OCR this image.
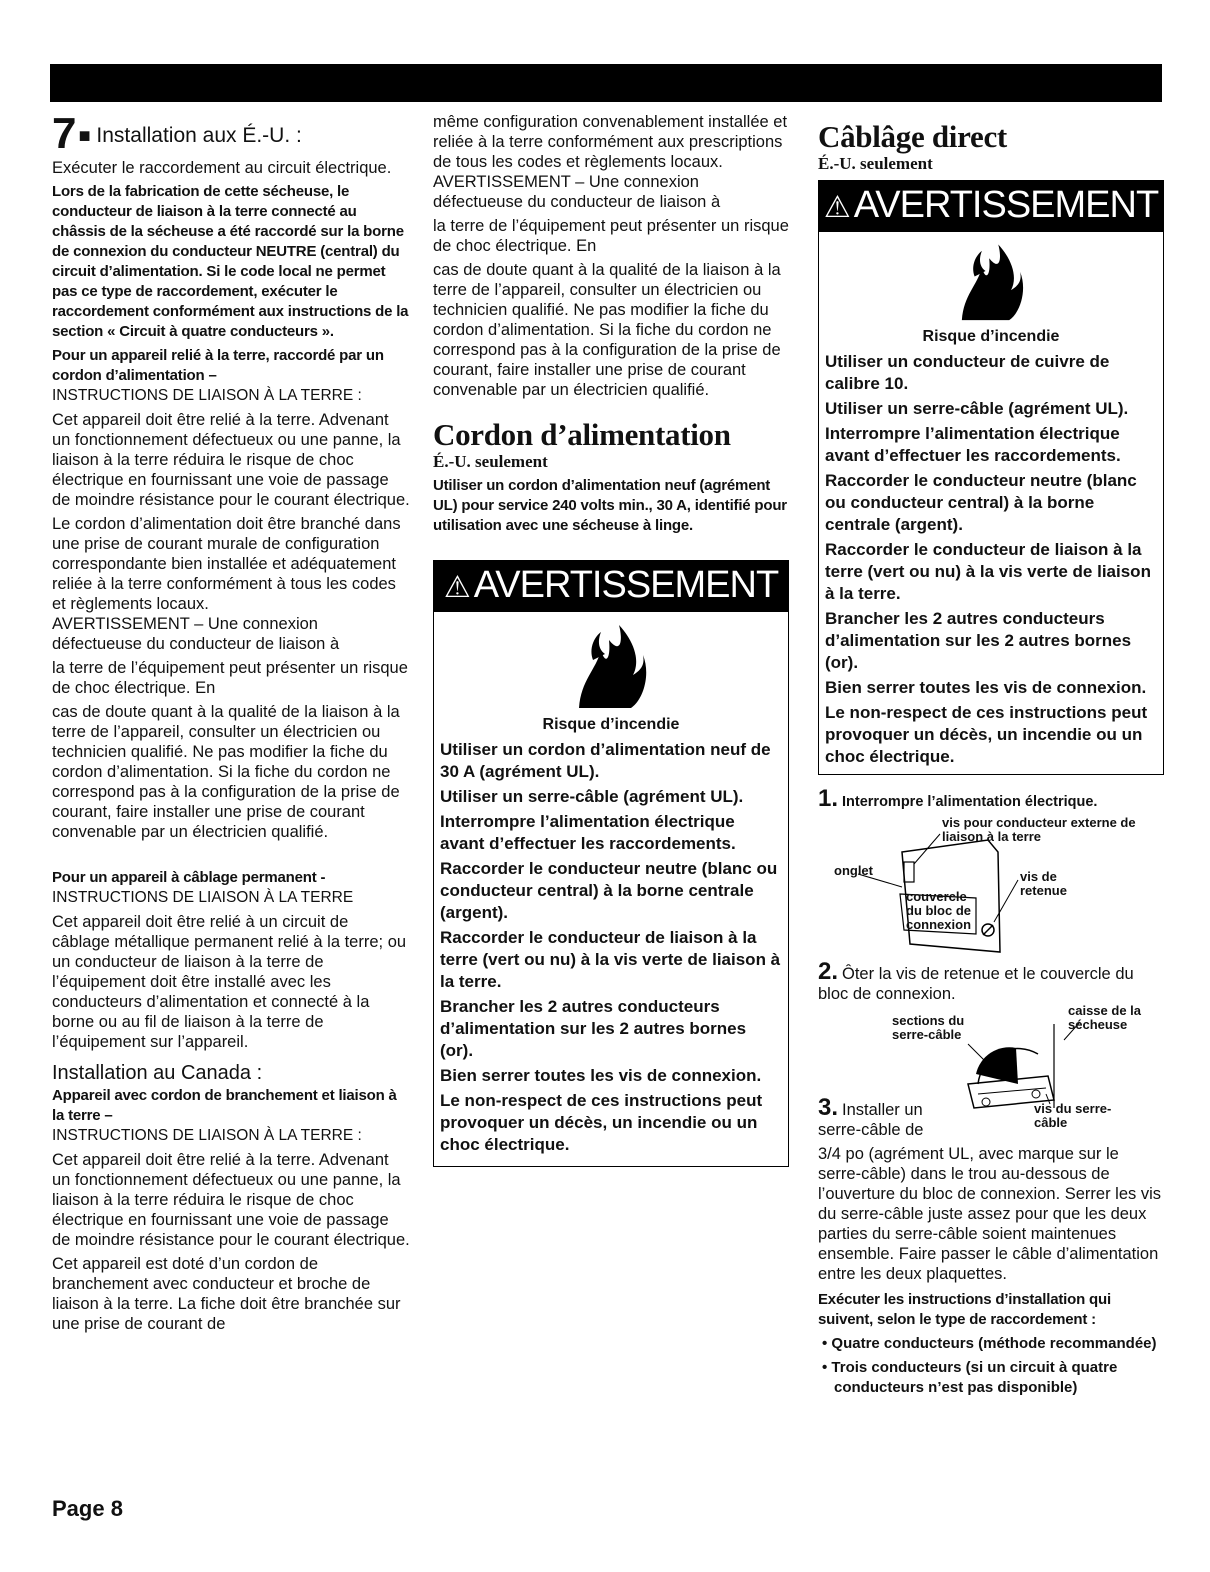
7 ■ Installation aux É.-U. :

Exécuter le raccordement au circuit électrique.

Lors de la fabrication de cette sécheuse, le conducteur de liaison à la terre connecté au châssis de la sécheuse a été raccordé sur la borne de connexion du conducteur NEUTRE (central) du circuit d’alimentation. Si le code local ne permet pas ce type de raccordement, exécuter le raccordement conformément aux instructions de la section « Circuit à quatre conducteurs ».

Pour un appareil relié à la terre, raccordé par un cordon d’alimentation –

INSTRUCTIONS DE LIAISON À LA TERRE :

Cet appareil doit être relié à la terre. Advenant un fonctionnement défectueux ou une panne, la liaison à la terre réduira le risque de choc électrique en fournissant une voie de passage de moindre résistance pour le courant électrique.

Le cordon d’alimentation doit être branché dans une prise de courant murale de configuration correspondante bien installée et adéquatement reliée à la terre conformément à tous les codes et règlements locaux.

AVERTISSEMENT – Une connexion défectueuse du conducteur de liaison à

la terre de l’équipement peut présenter un risque de choc électrique. En

cas de doute quant à la qualité de la liaison à la terre de l’appareil, consulter un électricien ou technicien qualifié. Ne pas modifier la fiche du cordon d’alimentation. Si la fiche du cordon ne correspond pas à la configuration de la prise de courant, faire installer une prise de courant convenable par un électricien qualifié.

Pour un appareil à câblage permanent -

INSTRUCTIONS DE LIAISON À LA TERRE

Cet appareil doit être relié à un circuit de câblage métallique permanent relié à la terre; ou un conducteur de liaison à la terre de l’équipement doit être installé avec les conducteurs d’alimentation et connecté à la borne ou au fil de liaison à la terre de l’équipement sur l’appareil.

Installation au Canada :

Appareil avec cordon de branchement et liaison à la terre –

INSTRUCTIONS DE LIAISON À LA TERRE :

Cet appareil doit être relié à la terre. Advenant un fonctionnement défectueux ou une panne, la liaison à la terre réduira le risque de choc électrique en fournissant une voie de passage de moindre résistance pour le courant électrique.

Cet appareil est doté d’un cordon de branchement avec conducteur et broche de liaison à la terre. La fiche doit être branchée sur une prise de courant de

même configuration convenablement installée et reliée à la terre conformément aux prescriptions de tous les codes et règlements locaux.

AVERTISSEMENT – Une connexion défectueuse du conducteur de liaison à

la terre de l’équipement peut présenter un risque de choc électrique. En

cas de doute quant à la qualité de la liaison à la terre de l’appareil, consulter un électricien ou technicien qualifié. Ne pas modifier la fiche du cordon d’alimentation. Si la fiche du cordon ne correspond pas à la configuration de la prise de courant, faire installer une prise de courant convenable par un électricien qualifié.

Cordon d’alimentation

É.-U. seulement

Utiliser un cordon d’alimentation neuf (agrément UL) pour service 240 volts min., 30 A, identifié pour utilisation avec une sécheuse à linge.

⚠ AVERTISSEMENT

Risque d’incendie

Utiliser un cordon d’alimentation neuf de 30 A (agrément UL).

Utiliser un serre-câble (agrément UL).

Interrompre l’alimentation électrique avant d’effectuer les raccordements.

Raccorder le conducteur neutre (blanc ou conducteur central) à la borne centrale (argent).

Raccorder le conducteur de liaison à la terre (vert ou nu) à la vis verte de liaison à la terre.

Brancher les 2 autres conducteurs d’alimentation sur les 2 autres bornes (or).

Bien serrer toutes les vis de connexion.

Le non-respect de ces instructions peut provoquer un décès, un incendie ou un choc électrique.

Câblâge direct

É.-U. seulement

⚠ AVERTISSEMENT

Risque d’incendie

Utiliser un conducteur de cuivre de calibre 10.

Utiliser un serre-câble (agrément UL).

Interrompre l’alimentation électrique avant d’effectuer les raccordements.

Raccorder le conducteur neutre (blanc ou conducteur central) à la borne centrale (argent).

Raccorder le conducteur de liaison à la terre (vert ou nu) à la vis verte de liaison à la terre.

Brancher les 2 autres conducteurs d’alimentation sur les 2 autres bornes (or).

Bien serrer toutes les vis de connexion.

Le non-respect de ces instructions peut provoquer un décès, un incendie ou un choc électrique.

1. Interrompre l’alimentation électrique.

vis pour conducteur externe de liaison à la terre
onglet
couvercle du bloc de connexion
vis de retenue

2. Ôter la vis de retenue et le couvercle du bloc de connexion.

sections du serre-câble
caisse de la sécheuse
vis du serre-câble

3. Installer un serre-câble de

3/4 po (agrément UL, avec marque sur le serre-câble) dans le trou au-dessous de l’ouverture du bloc de connexion. Serrer les vis du serre-câble juste assez pour que les deux parties du serre-câble soient maintenues ensemble. Faire passer le câble d’alimentation entre les deux plaquettes.

Exécuter les instructions d’installation qui suivent, selon le type de raccordement :

• Quatre conducteurs (méthode recommandée)

• Trois conducteurs (si un circuit à quatre conducteurs n’est pas disponible)

Page 8
